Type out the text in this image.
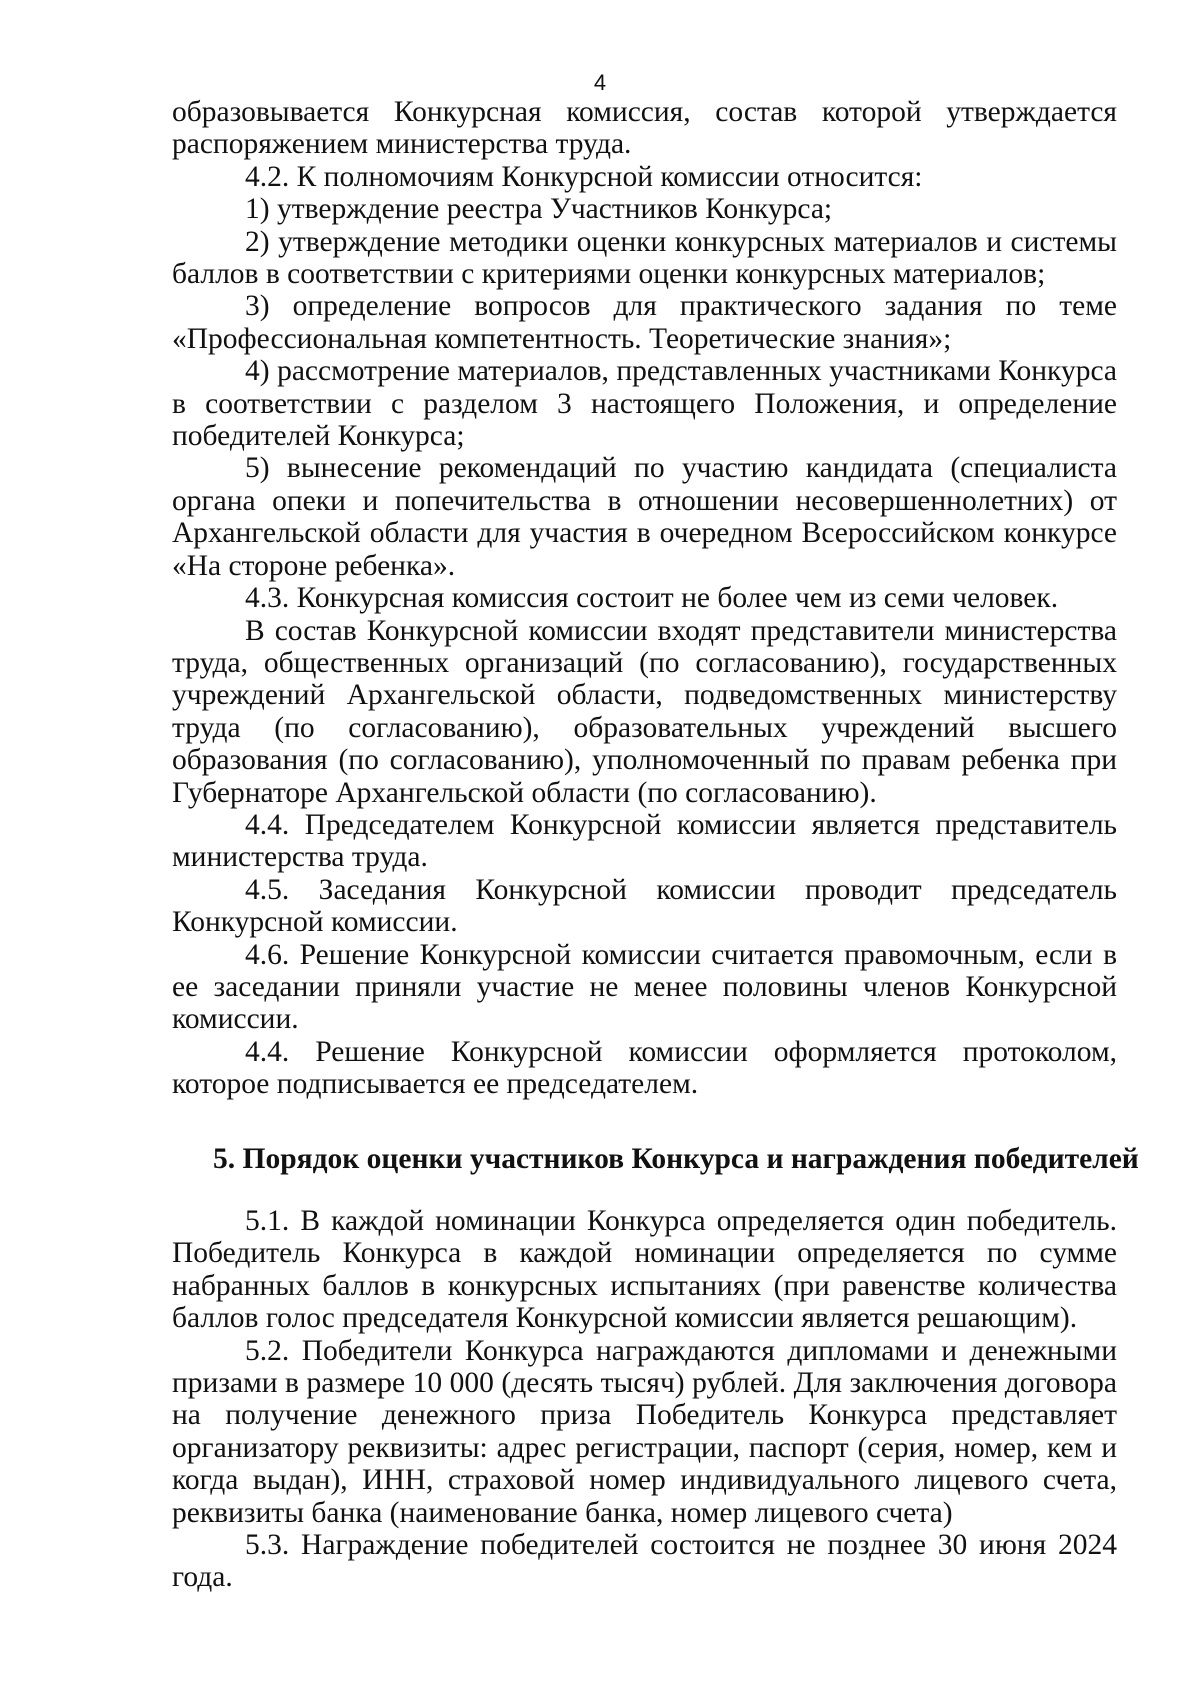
4

образовывается Конкурсная комиссия, состав которой утверждается распоряжением министерства труда.

4.2. К полномочиям Конкурсной комиссии относится:

1) утверждение реестра Участников Конкурса;

2) утверждение методики оценки конкурсных материалов и системы баллов в соответствии с критериями оценки конкурсных материалов;

3) определение вопросов для практического задания по теме «Профессиональная компетентность. Теоретические знания»;

4) рассмотрение материалов, представленных участниками Конкурса в соответствии с разделом 3 настоящего Положения, и определение победителей Конкурса;

5) вынесение рекомендаций по участию кандидата (специалиста органа опеки и попечительства в отношении несовершеннолетних) от Архангельской области для участия в очередном Всероссийском конкурсе «На стороне ребенка».

4.3. Конкурсная комиссия состоит не более чем из семи человек.

В состав Конкурсной комиссии входят представители министерства труда, общественных организаций (по согласованию), государственных учреждений Архангельской области, подведомственных министерству труда (по согласованию), образовательных учреждений высшего образования (по согласованию), уполномоченный по правам ребенка при Губернаторе Архангельской области (по согласованию).

4.4. Председателем Конкурсной комиссии является представитель министерства труда.

4.5. Заседания Конкурсной комиссии проводит председатель Конкурсной комиссии.

4.6. Решение Конкурсной комиссии считается правомочным, если в ее заседании приняли участие не менее половины членов Конкурсной комиссии.

4.4. Решение Конкурсной комиссии оформляется протоколом, которое подписывается ее председателем.

5. Порядок оценки участников Конкурса и награждения победителей

5.1. В каждой номинации Конкурса определяется один победитель. Победитель Конкурса в каждой номинации определяется по сумме набранных баллов в конкурсных испытаниях (при равенстве количества баллов голос председателя Конкурсной комиссии является решающим).

5.2. Победители Конкурса награждаются дипломами и денежными призами в размере 10 000 (десять тысяч) рублей. Для заключения договора на получение денежного приза Победитель Конкурса представляет организатору реквизиты: адрес регистрации, паспорт (серия, номер, кем и когда выдан), ИНН, страховой номер индивидуального лицевого счета, реквизиты банка (наименование банка, номер лицевого счета)

5.3. Награждение победителей состоится не позднее 30 июня 2024 года.
